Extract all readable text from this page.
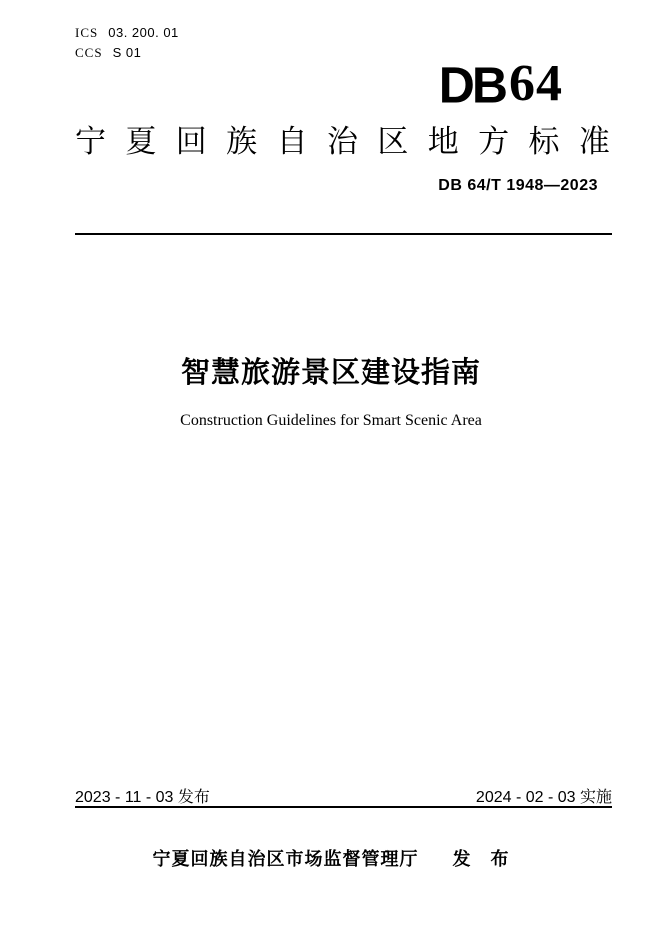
ICS 03. 200. 01
CCS S 01
DB 64
宁 夏 回 族 自 治 区 地 方 标 准
DB 64/T 1948—2023
智慧旅游景区建设指南
Construction Guidelines for Smart Scenic Area
2023 - 11 - 03 发布	2024 - 02 - 03 实施
宁夏回族自治区市场监督管理厅 发　布
